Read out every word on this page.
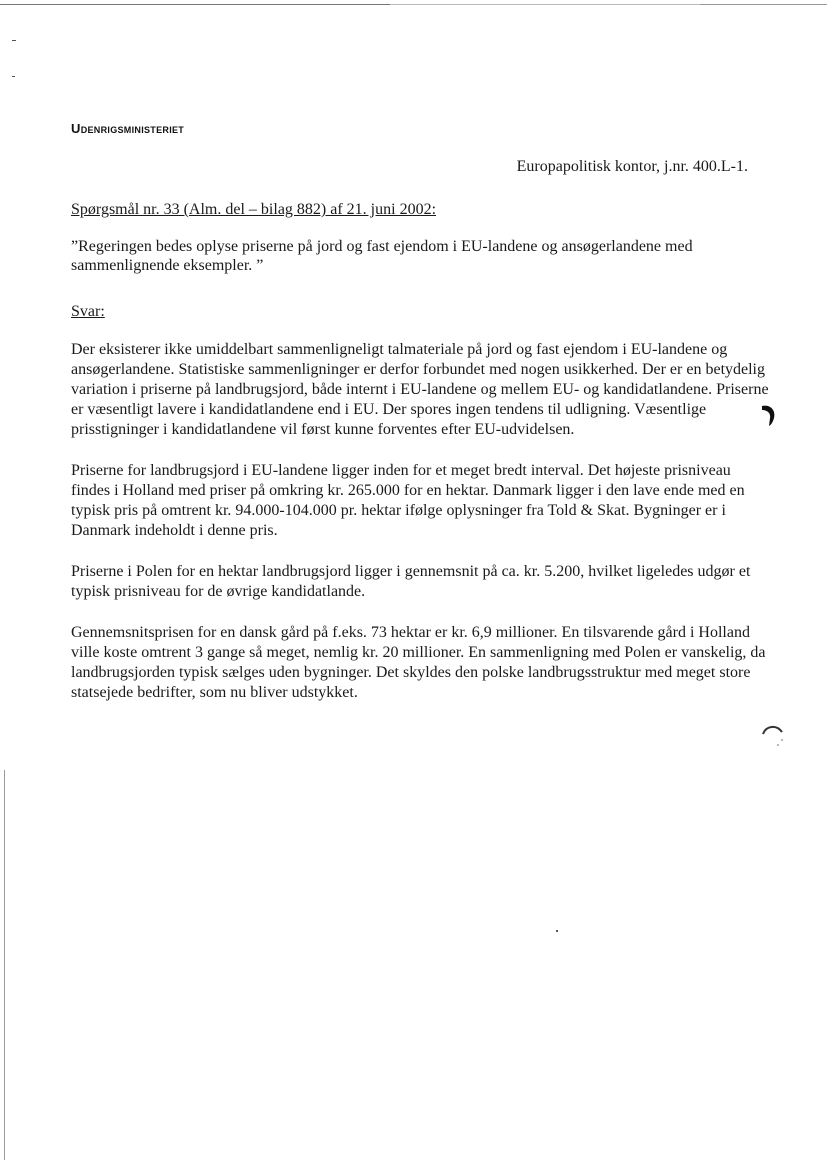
Udenrigsministeriet
Europapolitisk kontor, j.nr. 400.L-1.
Spørgsmål nr. 33 (Alm. del – bilag 882) af 21. juni 2002:
”Regeringen bedes oplyse priserne på jord og fast ejendom i EU-landene og ansøgerlandene med sammenlignende eksempler. ”
Svar:

Der eksisterer ikke umiddelbart sammenligneligt talmateriale på jord og fast ejendom i EU-landene og ansøgerlandene. Statistiske sammenligninger er derfor forbundet med nogen usikkerhed. Der er en betydelig variation i priserne på landbrugsjord, både internt i EU-landene og mellem EU- og kandidatlandene. Priserne er væsentligt lavere i kandidatlandene end i EU. Der spores ingen tendens til udligning. Væsentlige prisstigninger i kandidatlandene vil først kunne forventes efter EU-udvidelsen.

Priserne for landbrugsjord i EU-landene ligger inden for et meget bredt interval. Det højeste prisniveau findes i Holland med priser på omkring kr. 265.000 for en hektar. Danmark ligger i den lave ende med en typisk pris på omtrent kr. 94.000-104.000 pr. hektar ifølge oplysninger fra Told & Skat. Bygninger er i Danmark indeholdt i denne pris.

Priserne i Polen for en hektar landbrugsjord ligger i gennemsnit på ca. kr. 5.200, hvilket ligeledes udgør et typisk prisniveau for de øvrige kandidatlande.

Gennemsnitsprisen for en dansk gård på f.eks. 73 hektar er kr. 6,9 millioner. En tilsvarende gård i Holland ville koste omtrent 3 gange så meget, nemlig kr. 20 millioner. En sammenligning med Polen er vanskelig, da landbrugsjorden typisk sælges uden bygninger. Det skyldes den polske landbrugsstruktur med meget store statsejede bedrifter, som nu bliver udstykket.
